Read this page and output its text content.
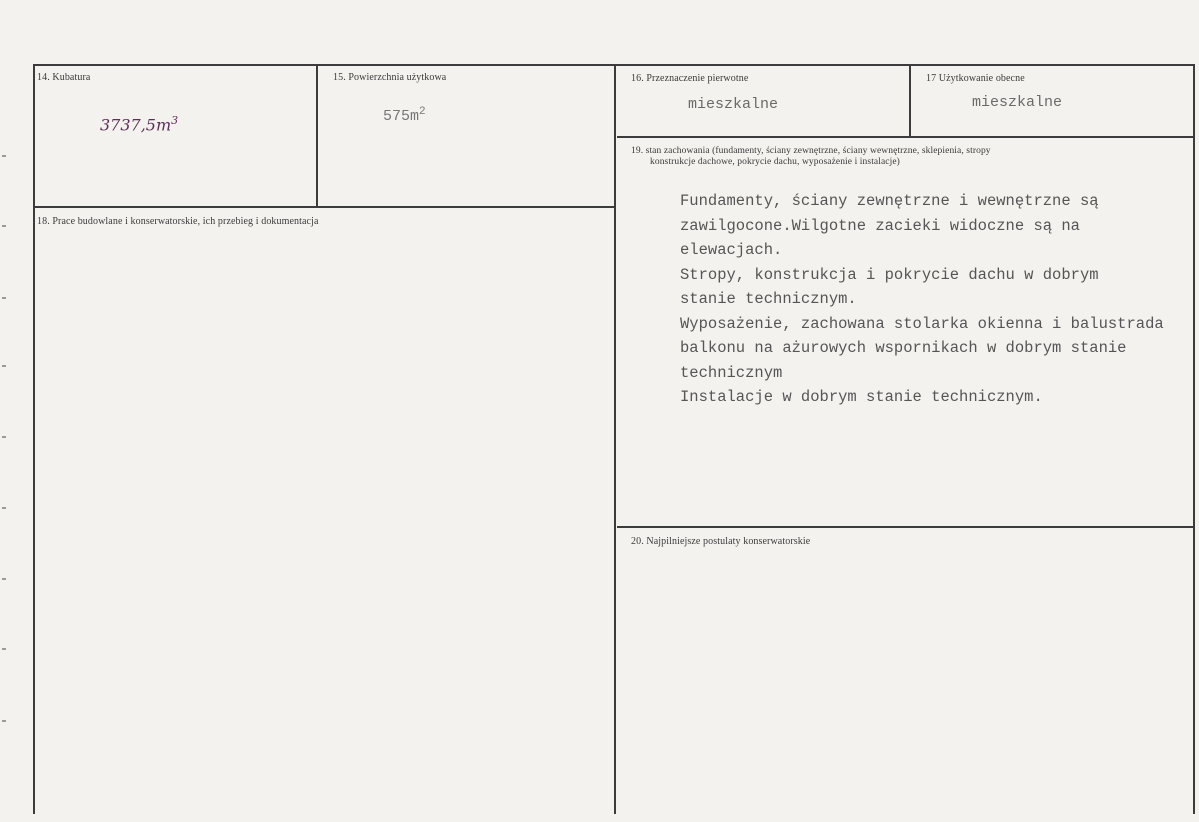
14. Kubatura
$3737,5m^3$
15. Powierzchnia użytkowa
$575m^2$
16. Przeznaczenie pierwotne
mieszkalne
17 Użytkowanie obecne
mieszkalne
18. Prace budowlane i konserwatorskie, ich przebieg i dokumentacja
19. stan zachowania (fundamenty, ściany zewnętrzne, ściany wewnętrzne, sklepienia, stropy
konstrukcje dachowe, pokrycie dachu, wyposażenie i instalacje)
Fundamenty, ściany zewnętrzne i wewnętrzne są
zawilgocone.Wilgotne zacieki widoczne są na
elewacjach.
Stropy, konstrukcja i pokrycie dachu w dobrym
stanie technicznym.
Wyposażenie, zachowana stolarka okienna i balustrada
balkonu na ażurowych wspornikach w dobrym stanie
technicznym
Instalacje w dobrym stanie technicznym.
20. Najpilniejsze postulaty konserwatorskie
